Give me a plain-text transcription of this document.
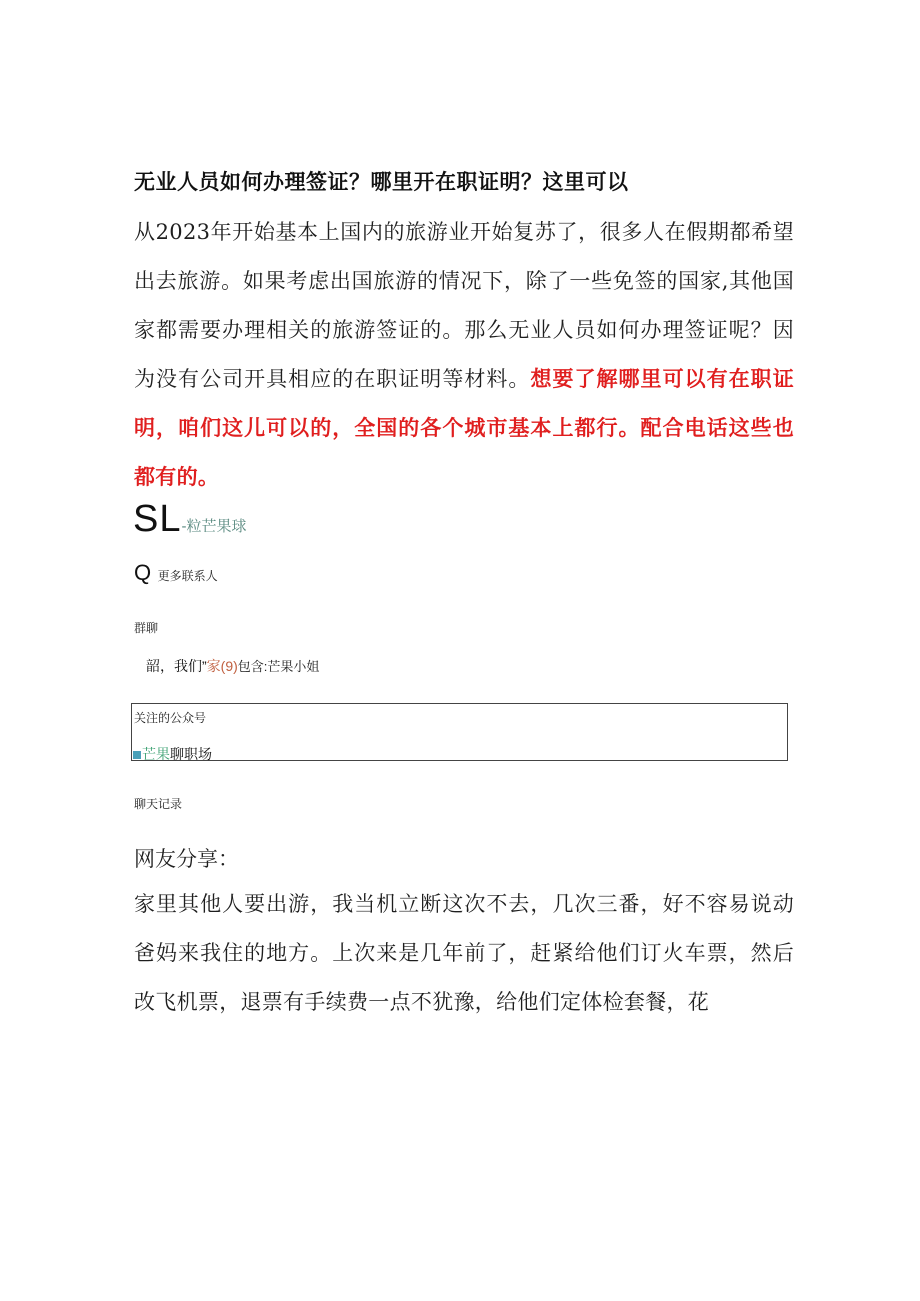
无业人员如何办理签证？哪里开在职证明？这里可以

从2023年开始基本上国内的旅游业开始复苏了，很多人在假期都希望出去旅游。如果考虑出国旅游的情况下，除了一些免签的国家,其他国家都需要办理相关的旅游签证的。那么无业人员如何办理签证呢？因为没有公司开具相应的在职证明等材料。想要了解哪里可以有在职证明，咱们这儿可以的，全国的各个城市基本上都行。配合电话这些也都有的。

SL-粒芒果球
Q 更多联系人
群聊
韶，我们”家(9)包含:芒果小姐
关注的公众号
芒果聊职场
聊天记录
网友分享：

家里其他人要出游，我当机立断这次不去，几次三番，好不容易说动爸妈来我住的地方。上次来是几年前了，赶紧给他们订火车票，然后改飞机票，退票有手续费一点不犹豫，给他们定体检套餐，花
